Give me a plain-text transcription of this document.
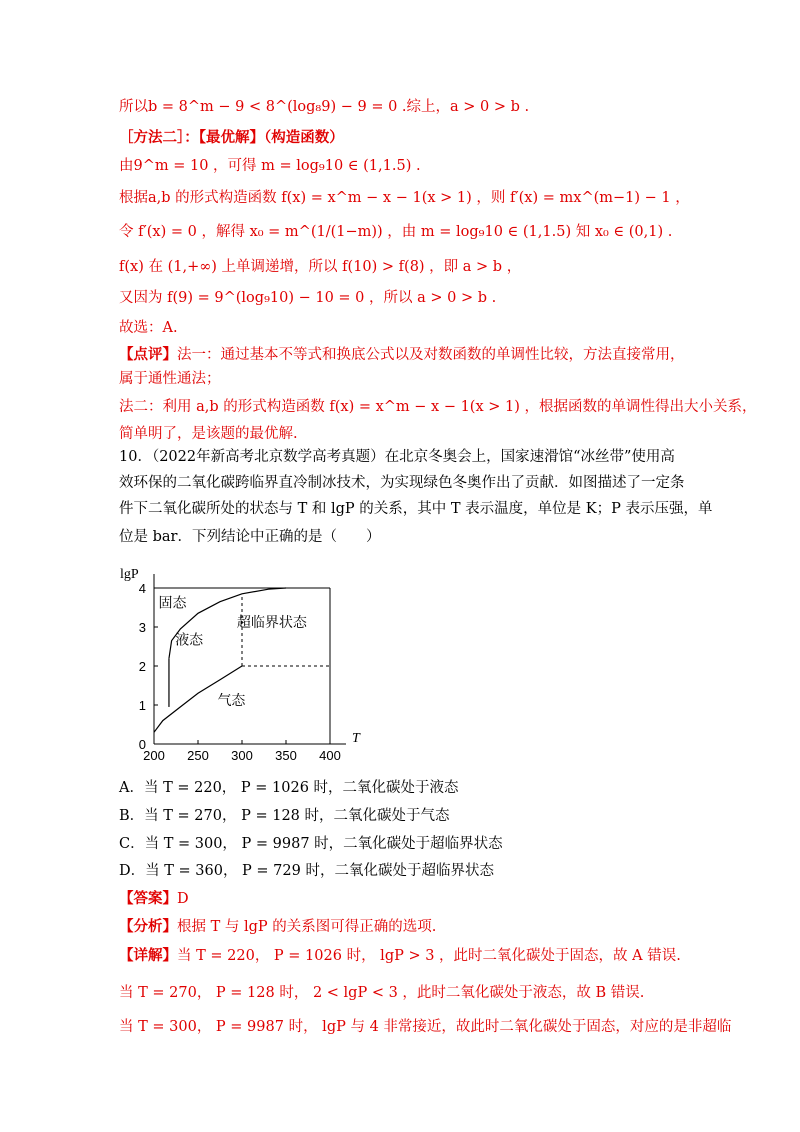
所以b = 8^m − 9 < 8^(log₈9) − 9 = 0 .综上，a > 0 > b .
［方法二］：【最优解】（构造函数）
由9^m = 10 ，可得 m = log₉10 ∈ (1,1.5) .
根据a,b 的形式构造函数 f(x) = x^m − x − 1(x > 1) ，则 f′(x) = mx^(m−1) − 1 ，
令 f′(x) = 0 ，解得 x₀ = m^(1/(1−m)) ，由 m = log₉10 ∈ (1,1.5) 知 x₀ ∈ (0,1) .
f(x) 在 (1,+∞) 上单调递增，所以 f(10) > f(8) ，即 a > b ，
又因为 f(9) = 9^(log₉10) − 10 = 0 ，所以 a > 0 > b .
故选：A.
【点评】法一：通过基本不等式和换底公式以及对数函数的单调性比较，方法直接常用，
属于通性通法；
法二：利用 a,b 的形式构造函数 f(x) = x^m − x − 1(x > 1) ，根据函数的单调性得出大小关系，
简单明了，是该题的最优解.
10．（2022年新高考北京数学高考真题）在北京冬奥会上，国家速滑馆“冰丝带”使用高
效环保的二氧化碳跨临界直冷制冰技术，为实现绿色冬奥作出了贡献．如图描述了一定条
件下二氧化碳所处的状态与 T 和 lgP 的关系，其中 T 表示温度，单位是 K；P 表示压强，单
位是 bar．下列结论中正确的是（　　）
200 250 300 350 400
0
1
2
3
4
T
lgP
固态
液态
超临界状态
气态
A．当 T = 220， P = 1026 时，二氧化碳处于液态
B．当 T = 270， P = 128 时，二氧化碳处于气态
C．当 T = 300， P = 9987 时，二氧化碳处于超临界状态
D．当 T = 360， P = 729 时，二氧化碳处于超临界状态
【答案】D
【分析】根据 T 与 lgP 的关系图可得正确的选项.
【详解】当 T = 220， P = 1026 时， lgP > 3 ，此时二氧化碳处于固态，故 A 错误.
当 T = 270， P = 128 时， 2 < lgP < 3 ，此时二氧化碳处于液态，故 B 错误.
当 T = 300， P = 9987 时， lgP 与 4 非常接近，故此时二氧化碳处于固态，对应的是非超临
